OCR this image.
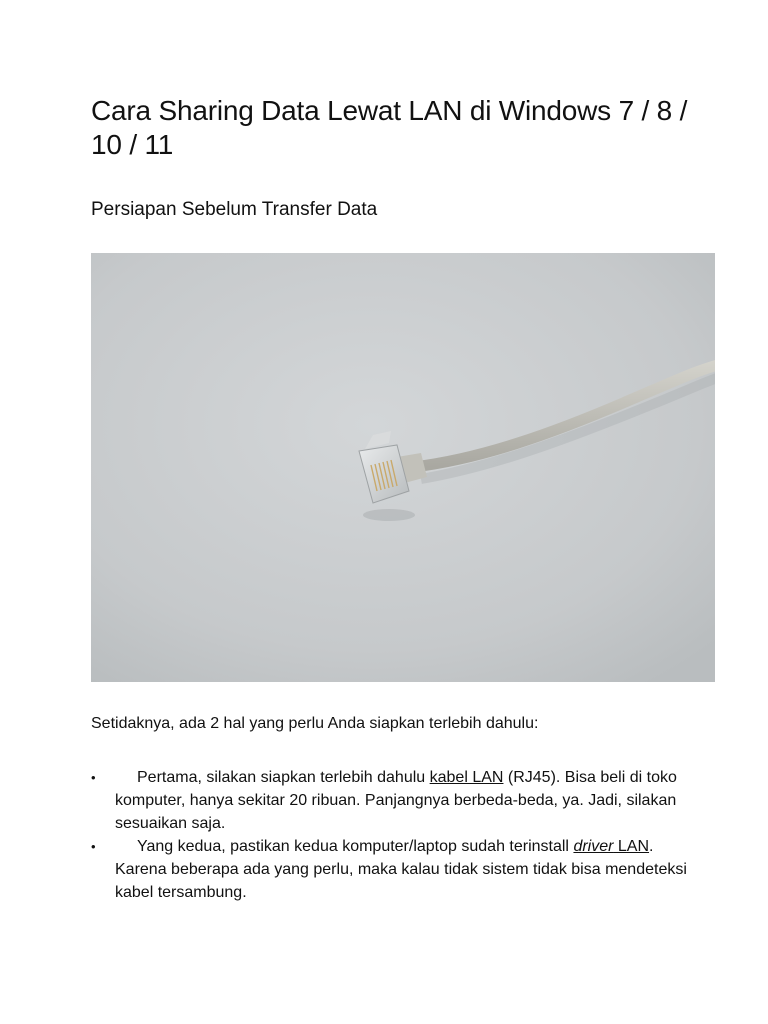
Cara Sharing Data Lewat LAN di Windows 7 / 8 / 10 / 11
Persiapan Sebelum Transfer Data

Setidaknya, ada 2 hal yang perlu Anda siapkan terlebih dahulu:

•	Pertama, silakan siapkan terlebih dahulu kabel LAN (RJ45). Bisa beli di toko komputer, hanya sekitar 20 ribuan. Panjangnya berbeda-beda, ya. Jadi, silakan sesuaikan saja.
•	Yang kedua, pastikan kedua komputer/laptop sudah terinstall driver LAN. Karena beberapa ada yang perlu, maka kalau tidak sistem tidak bisa mendeteksi kabel tersambung.
